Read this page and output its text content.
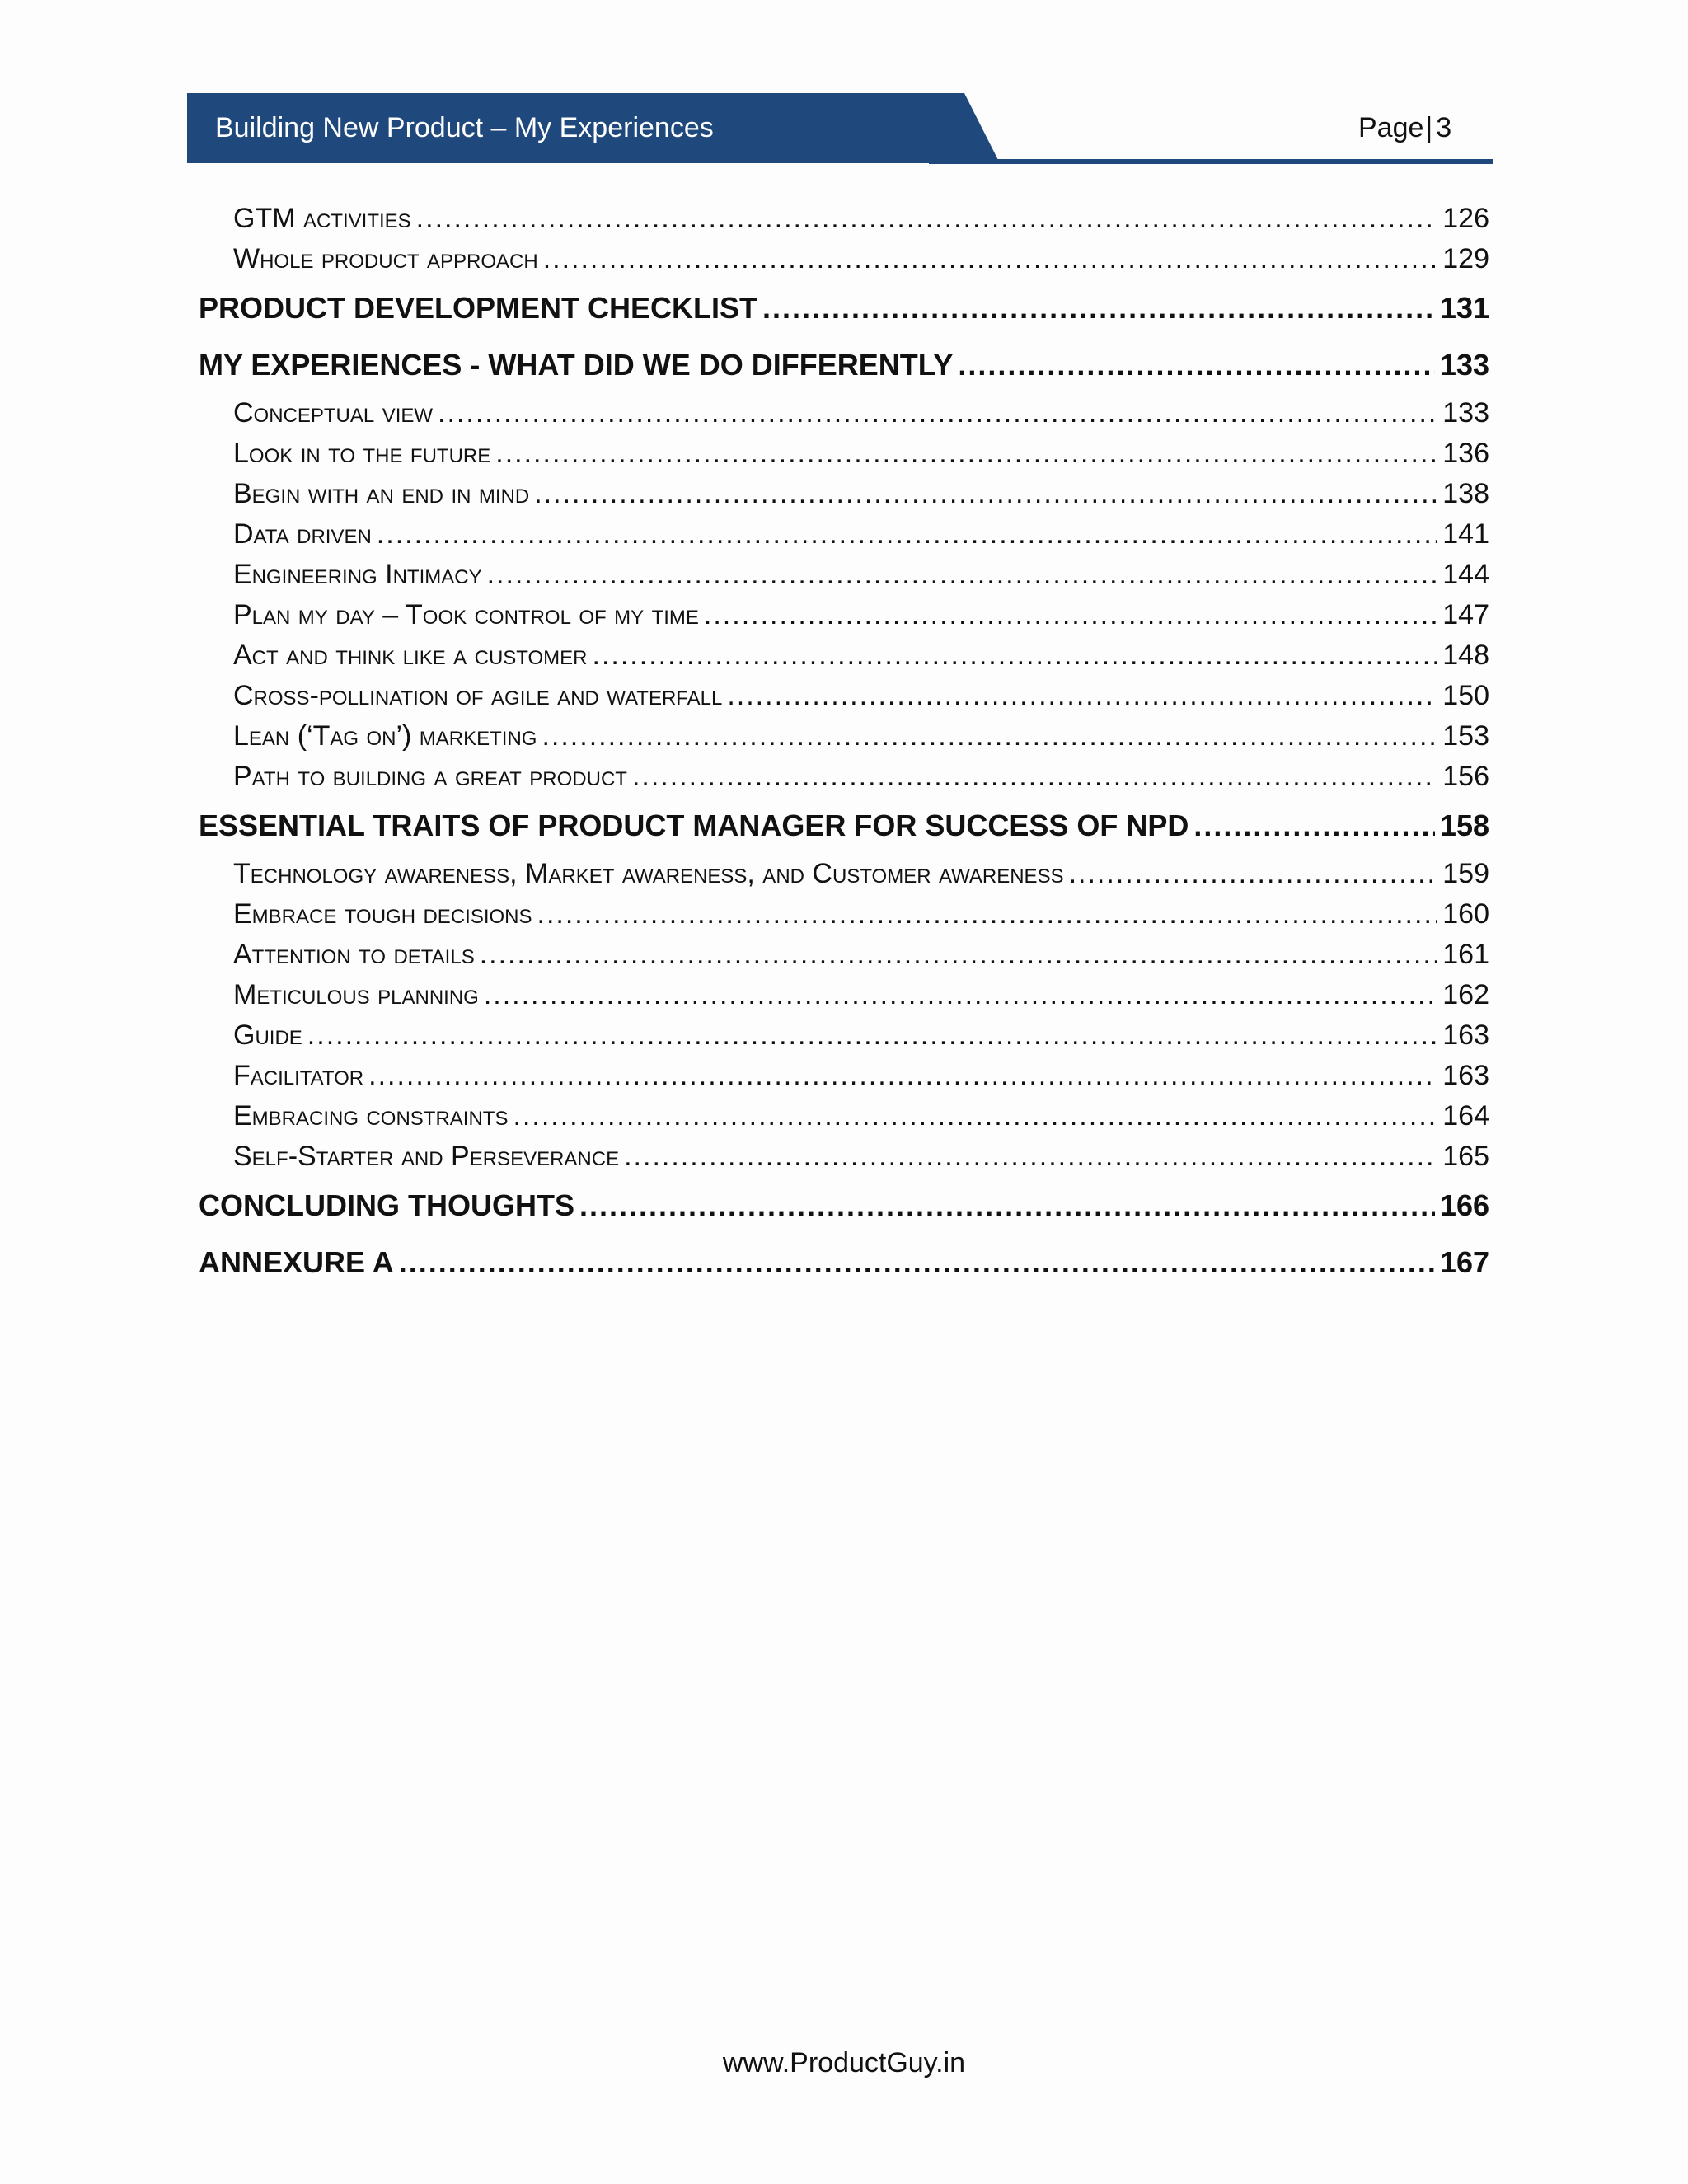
Building New Product – My Experiences	Page| 3
GTM activities .....	126
Whole product approach .....	129
PRODUCT DEVELOPMENT CHECKLIST .....	131
MY EXPERIENCES - WHAT DID WE DO DIFFERENTLY .....	133
Conceptual view .....	133
Look in to the future .....	136
Begin with an end in mind .....	138
Data driven .....	141
Engineering Intimacy .....	144
Plan my day – Took control of my time .....	147
Act and think like a customer .....	148
Cross-pollination of agile and waterfall .....	150
Lean (‘Tag on’) marketing .....	153
Path to building a great product .....	156
ESSENTIAL TRAITS OF PRODUCT MANAGER FOR SUCCESS OF NPD .....	158
Technology awareness, Market awareness, and Customer awareness .....	159
Embrace tough decisions .....	160
Attention to details .....	161
Meticulous planning .....	162
Guide .....	163
Facilitator .....	163
Embracing constraints .....	164
Self-Starter and Perseverance .....	165
CONCLUDING THOUGHTS .....	166
ANNEXURE A .....	167
www.ProductGuy.in
